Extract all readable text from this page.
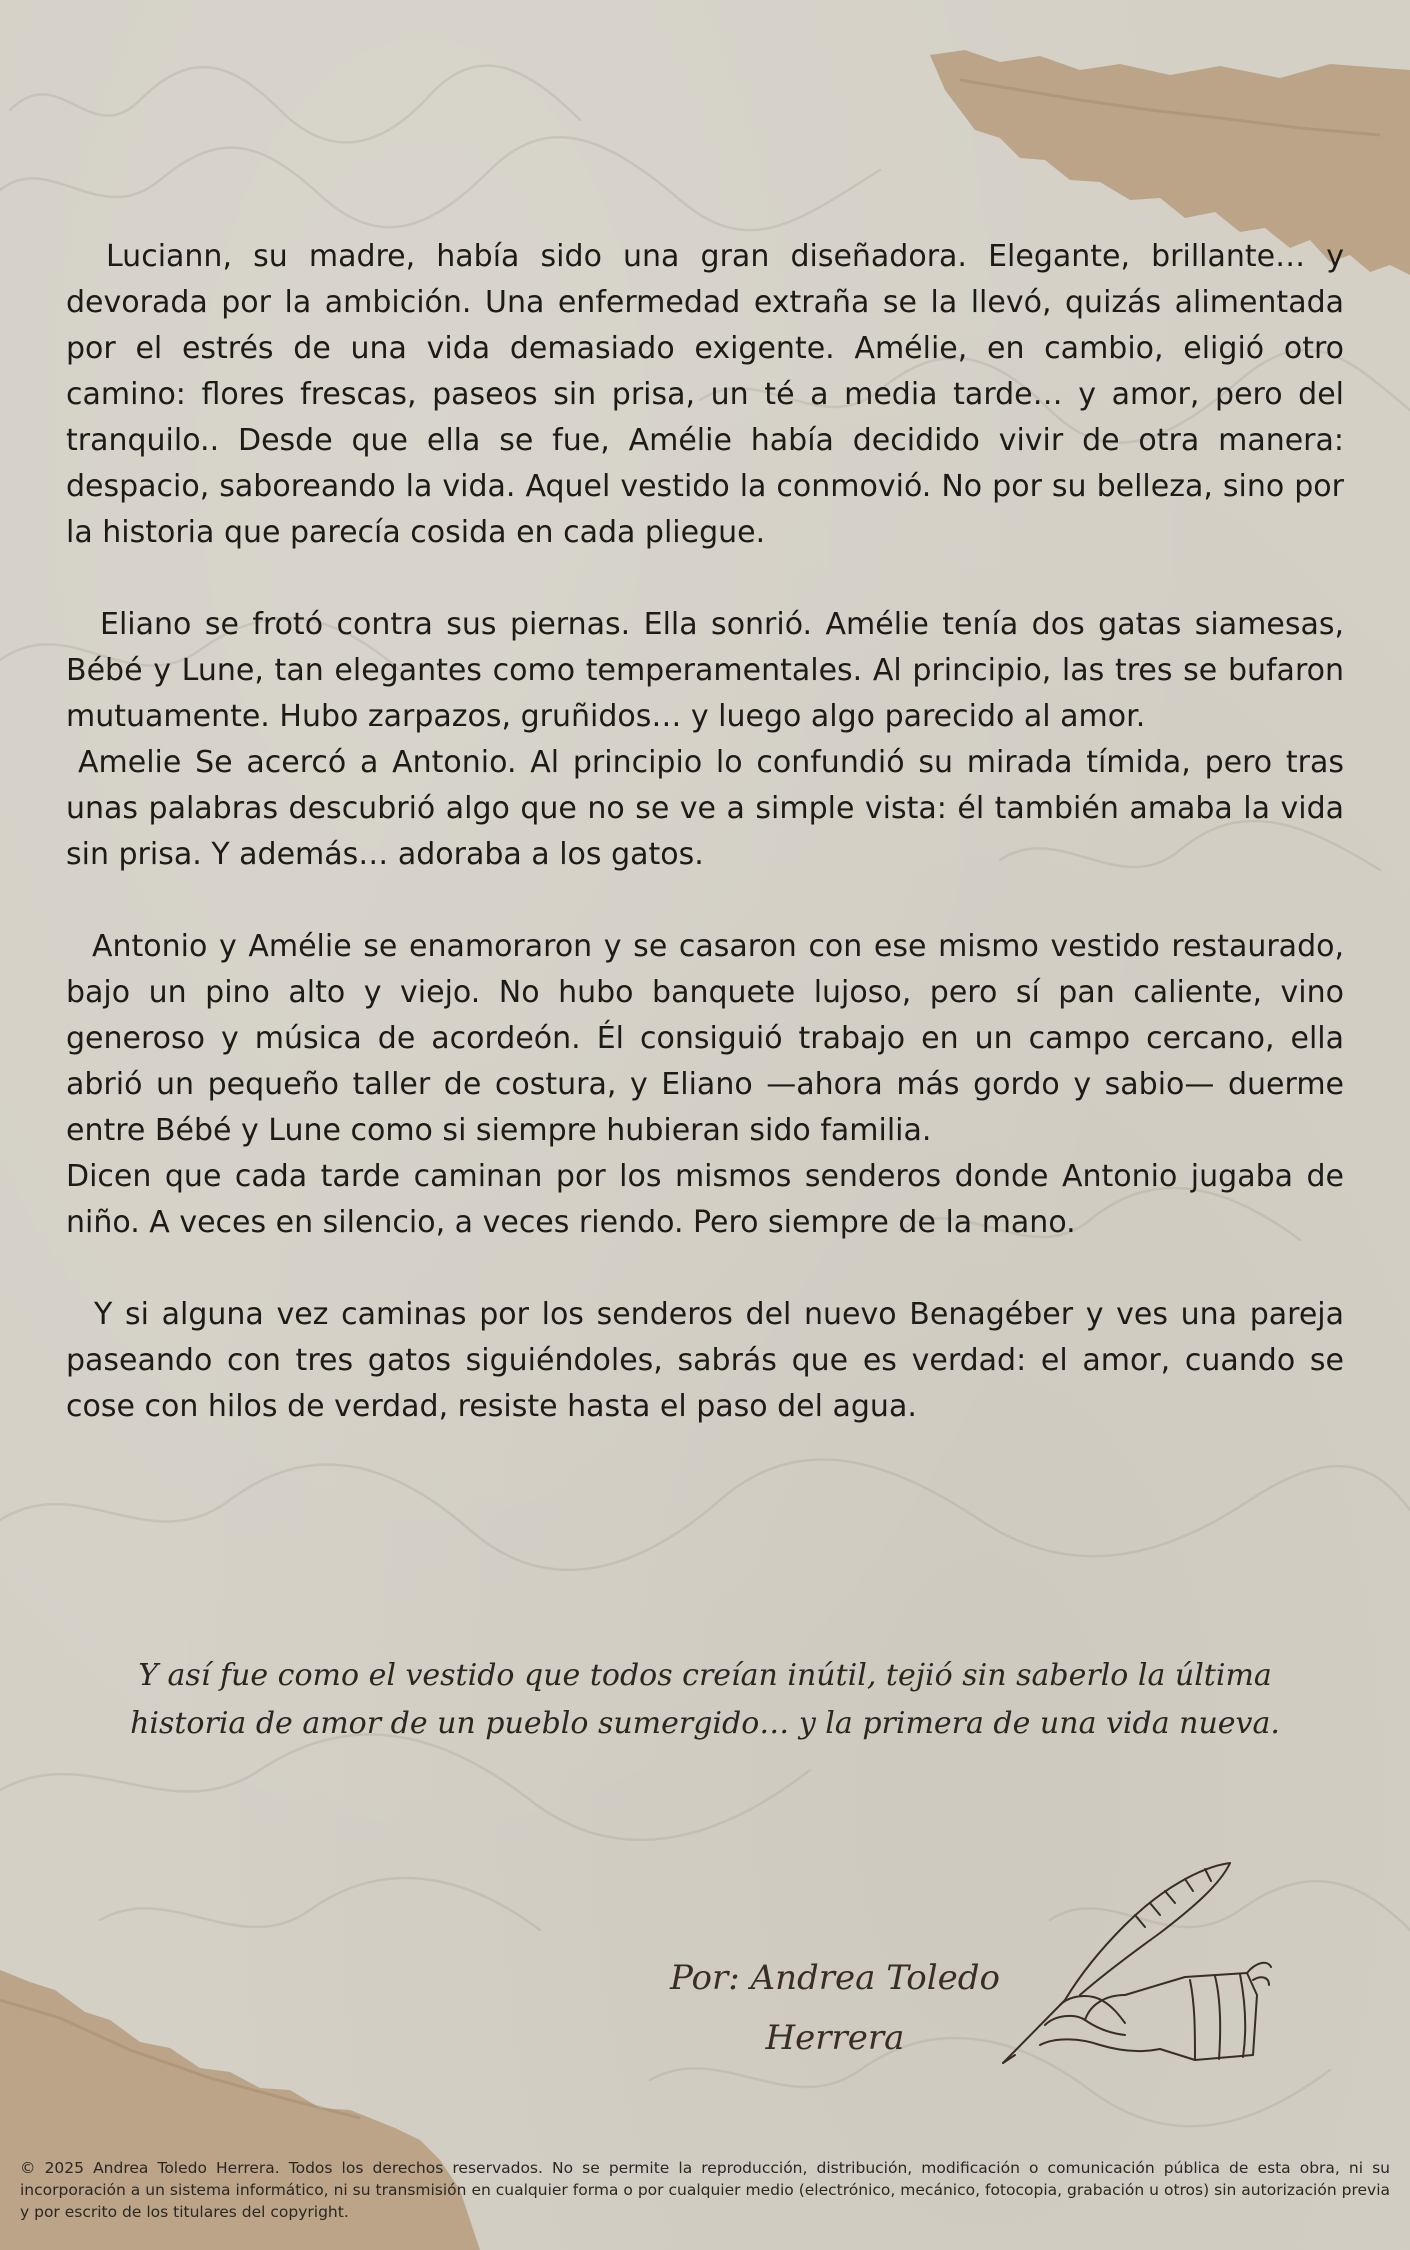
Luciann, su madre, había sido una gran diseñadora. Elegante, brillante… y devorada por la ambición. Una enfermedad extraña se la llevó, quizás alimentada por el estrés de una vida demasiado exigente. Amélie, en cambio, eligió otro camino: flores frescas, paseos sin prisa, un té a media tarde… y amor, pero del tranquilo.. Desde que ella se fue, Amélie había decidido vivir de otra manera: despacio, saboreando la vida. Aquel vestido la conmovió. No por su belleza, sino por la historia que parecía cosida en cada pliegue.

Eliano se frotó contra sus piernas. Ella sonrió. Amélie tenía dos gatas siamesas, Bébé y Lune, tan elegantes como temperamentales. Al principio, las tres se bufaron mutuamente. Hubo zarpazos, gruñidos… y luego algo parecido al amor.

Amelie Se acercó a Antonio. Al principio lo confundió su mirada tímida, pero tras unas palabras descubrió algo que no se ve a simple vista: él también amaba la vida sin prisa. Y además… adoraba a los gatos.

Antonio y Amélie se enamoraron y se casaron con ese mismo vestido restaurado, bajo un pino alto y viejo. No hubo banquete lujoso, pero sí pan caliente, vino generoso y música de acordeón. Él consiguió trabajo en un campo cercano, ella abrió un pequeño taller de costura, y Eliano —ahora más gordo y sabio— duerme entre Bébé y Lune como si siempre hubieran sido familia.

Dicen que cada tarde caminan por los mismos senderos donde Antonio jugaba de niño. A veces en silencio, a veces riendo. Pero siempre de la mano.

Y si alguna vez caminas por los senderos del nuevo Benagéber y ves una pareja paseando con tres gatos siguiéndoles, sabrás que es verdad: el amor, cuando se cose con hilos de verdad, resiste hasta el paso del agua.

Y así fue como el vestido que todos creían inútil, tejió sin saberlo la última historia de amor de un pueblo sumergido… y la primera de una vida nueva.
Por: Andrea Toledo
Herrera
© 2025 Andrea Toledo Herrera. Todos los derechos reservados. No se permite la reproducción, distribución, modificación o comunicación pública de esta obra, ni su incorporación a un sistema informático, ni su transmisión en cualquier forma o por cualquier medio (electrónico, mecánico, fotocopia, grabación u otros) sin autorización previa y por escrito de los titulares del copyright.
